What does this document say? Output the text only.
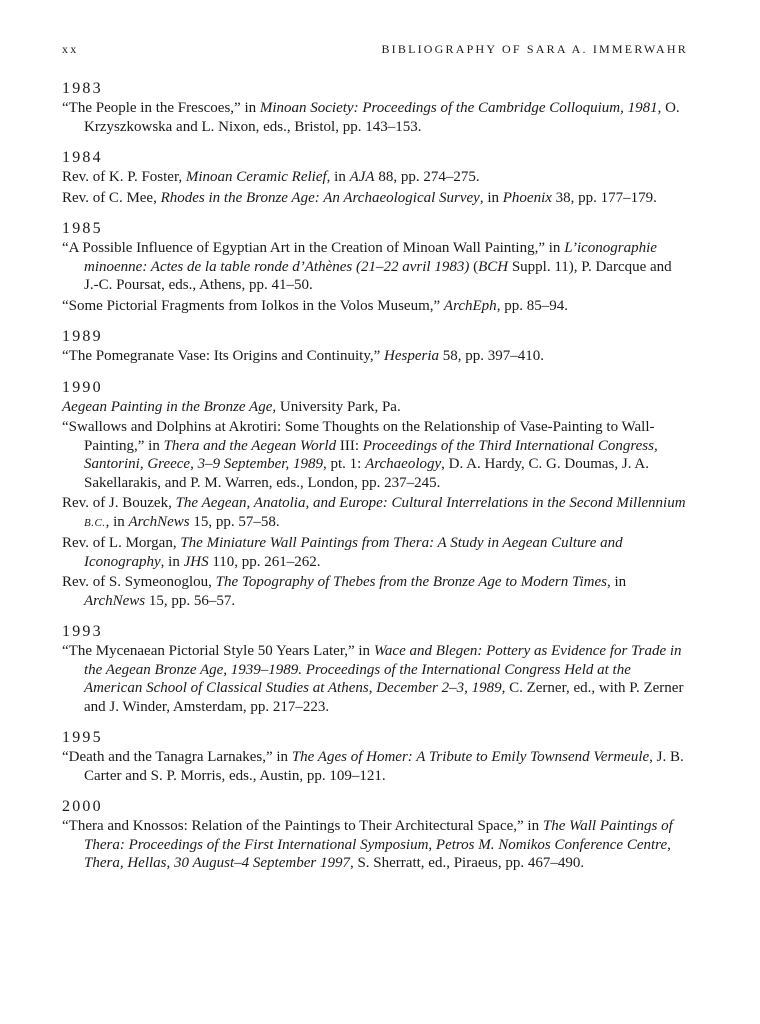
xx	BIBLIOGRAPHY OF SARA A. IMMERWAHR
1983
“The People in the Frescoes,” in Minoan Society: Proceedings of the Cambridge Colloquium, 1981, O. Krzyszkowska and L. Nixon, eds., Bristol, pp. 143–153.
1984
Rev. of K. P. Foster, Minoan Ceramic Relief, in AJA 88, pp. 274–275.
Rev. of C. Mee, Rhodes in the Bronze Age: An Archaeological Survey, in Phoenix 38, pp. 177–179.
1985
“A Possible Influence of Egyptian Art in the Creation of Minoan Wall Painting,” in L’iconographie minoenne: Actes de la table ronde d’Athènes (21–22 avril 1983) (BCH Suppl. 11), P. Darcque and J.-C. Poursat, eds., Athens, pp. 41–50.
“Some Pictorial Fragments from Iolkos in the Volos Museum,” ArchEph, pp. 85–94.
1989
“The Pomegranate Vase: Its Origins and Continuity,” Hesperia 58, pp. 397–410.
1990
Aegean Painting in the Bronze Age, University Park, Pa.
“Swallows and Dolphins at Akrotiri: Some Thoughts on the Relationship of Vase-Painting to Wall-Painting,” in Thera and the Aegean World III: Proceedings of the Third International Congress, Santorini, Greece, 3–9 September, 1989, pt. 1: Archaeology, D. A. Hardy, C. G. Doumas, J. A. Sakellarakis, and P. M. Warren, eds., London, pp. 237–245.
Rev. of J. Bouzek, The Aegean, Anatolia, and Europe: Cultural Interrelations in the Second Millennium B.C., in ArchNews 15, pp. 57–58.
Rev. of L. Morgan, The Miniature Wall Paintings from Thera: A Study in Aegean Culture and Iconography, in JHS 110, pp. 261–262.
Rev. of S. Symeonoglou, The Topography of Thebes from the Bronze Age to Modern Times, in ArchNews 15, pp. 56–57.
1993
“The Mycenaean Pictorial Style 50 Years Later,” in Wace and Blegen: Pottery as Evidence for Trade in the Aegean Bronze Age, 1939–1989. Proceedings of the International Congress Held at the American School of Classical Studies at Athens, December 2–3, 1989, C. Zerner, ed., with P. Zerner and J. Winder, Amsterdam, pp. 217–223.
1995
“Death and the Tanagra Larnakes,” in The Ages of Homer: A Tribute to Emily Townsend Vermeule, J. B. Carter and S. P. Morris, eds., Austin, pp. 109–121.
2000
“Thera and Knossos: Relation of the Paintings to Their Architectural Space,” in The Wall Paintings of Thera: Proceedings of the First International Symposium, Petros M. Nomikos Conference Centre, Thera, Hellas, 30 August–4 September 1997, S. Sherratt, ed., Piraeus, pp. 467–490.
